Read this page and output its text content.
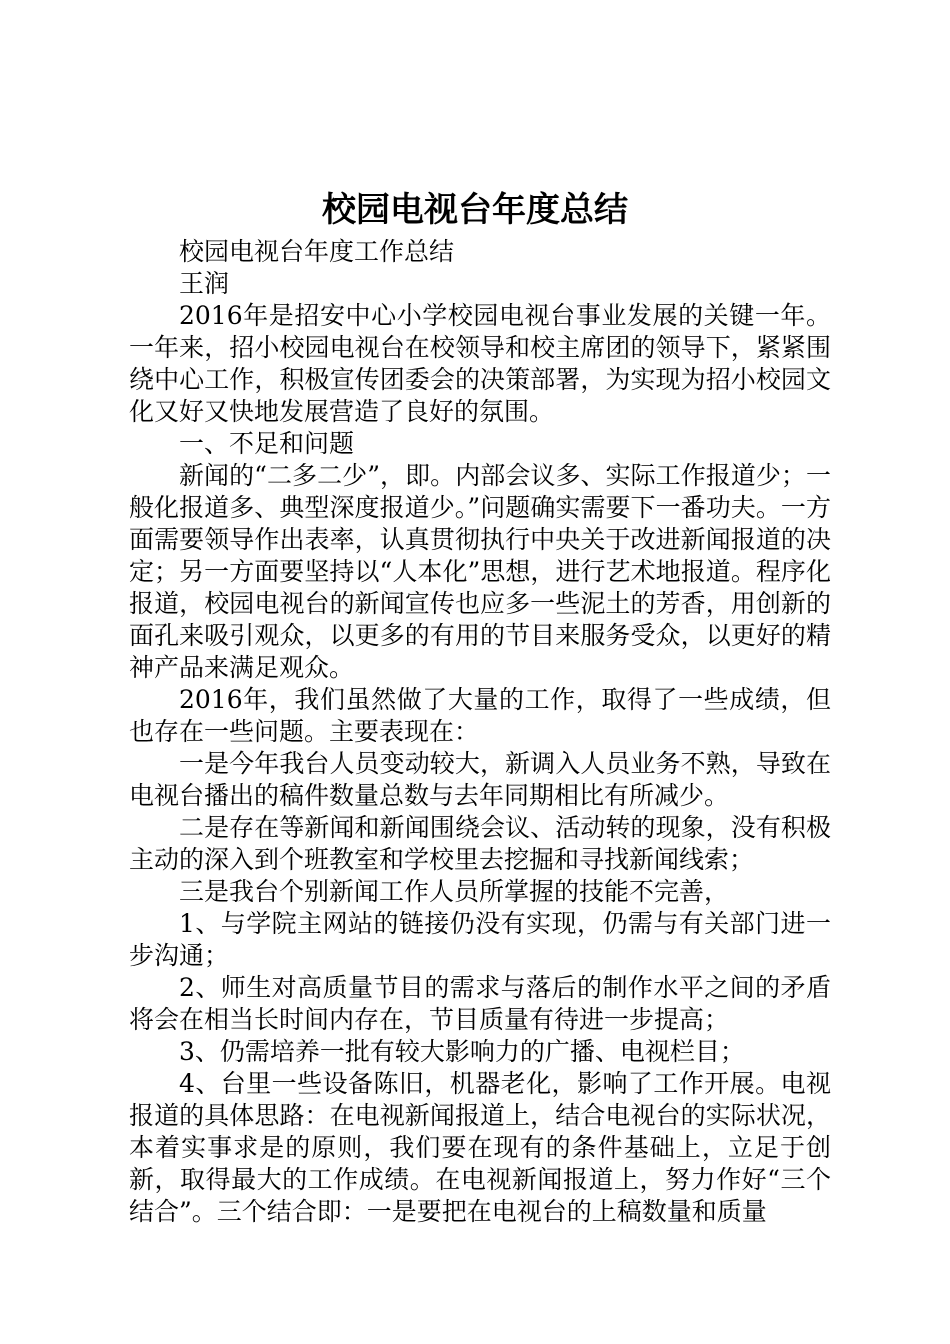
校园电视台年度总结

校园电视台年度工作总结

王润

2016年是招安中心小学校园电视台事业发展的关键一年。一年来，招小校园电视台在校领导和校主席团的领导下，紧紧围绕中心工作，积极宣传团委会的决策部署，为实现为招小校园文化又好又快地发展营造了良好的氛围。

一、不足和问题

新闻的“二多二少”，即。内部会议多、实际工作报道少；一般化报道多、典型深度报道少。”问题确实需要下一番功夫。一方面需要领导作出表率，认真贯彻执行中央关于改进新闻报道的决定；另一方面要坚持以“人本化”思想，进行艺术地报道。程序化报道，校园电视台的新闻宣传也应多一些泥土的芳香，用创新的面孔来吸引观众，以更多的有用的节目来服务受众，以更好的精神产品来满足观众。

2016年，我们虽然做了大量的工作，取得了一些成绩，但也存在一些问题。主要表现在：

一是今年我台人员变动较大，新调入人员业务不熟，导致在电视台播出的稿件数量总数与去年同期相比有所减少。

二是存在等新闻和新闻围绕会议、活动转的现象，没有积极主动的深入到个班教室和学校里去挖掘和寻找新闻线索；

三是我台个别新闻工作人员所掌握的技能不完善，

1、与学院主网站的链接仍没有实现，仍需与有关部门进一步沟通；

2、师生对高质量节目的需求与落后的制作水平之间的矛盾将会在相当长时间内存在，节目质量有待进一步提高；

3、仍需培养一批有较大影响力的广播、电视栏目；

4、台里一些设备陈旧，机器老化，影响了工作开展。电视报道的具体思路：在电视新闻报道上，结合电视台的实际状况，本着实事求是的原则，我们要在现有的条件基础上，立足于创新，取得最大的工作成绩。在电视新闻报道上，努力作好“三个结合”。三个结合即：一是要把在电视台的上稿数量和质量
